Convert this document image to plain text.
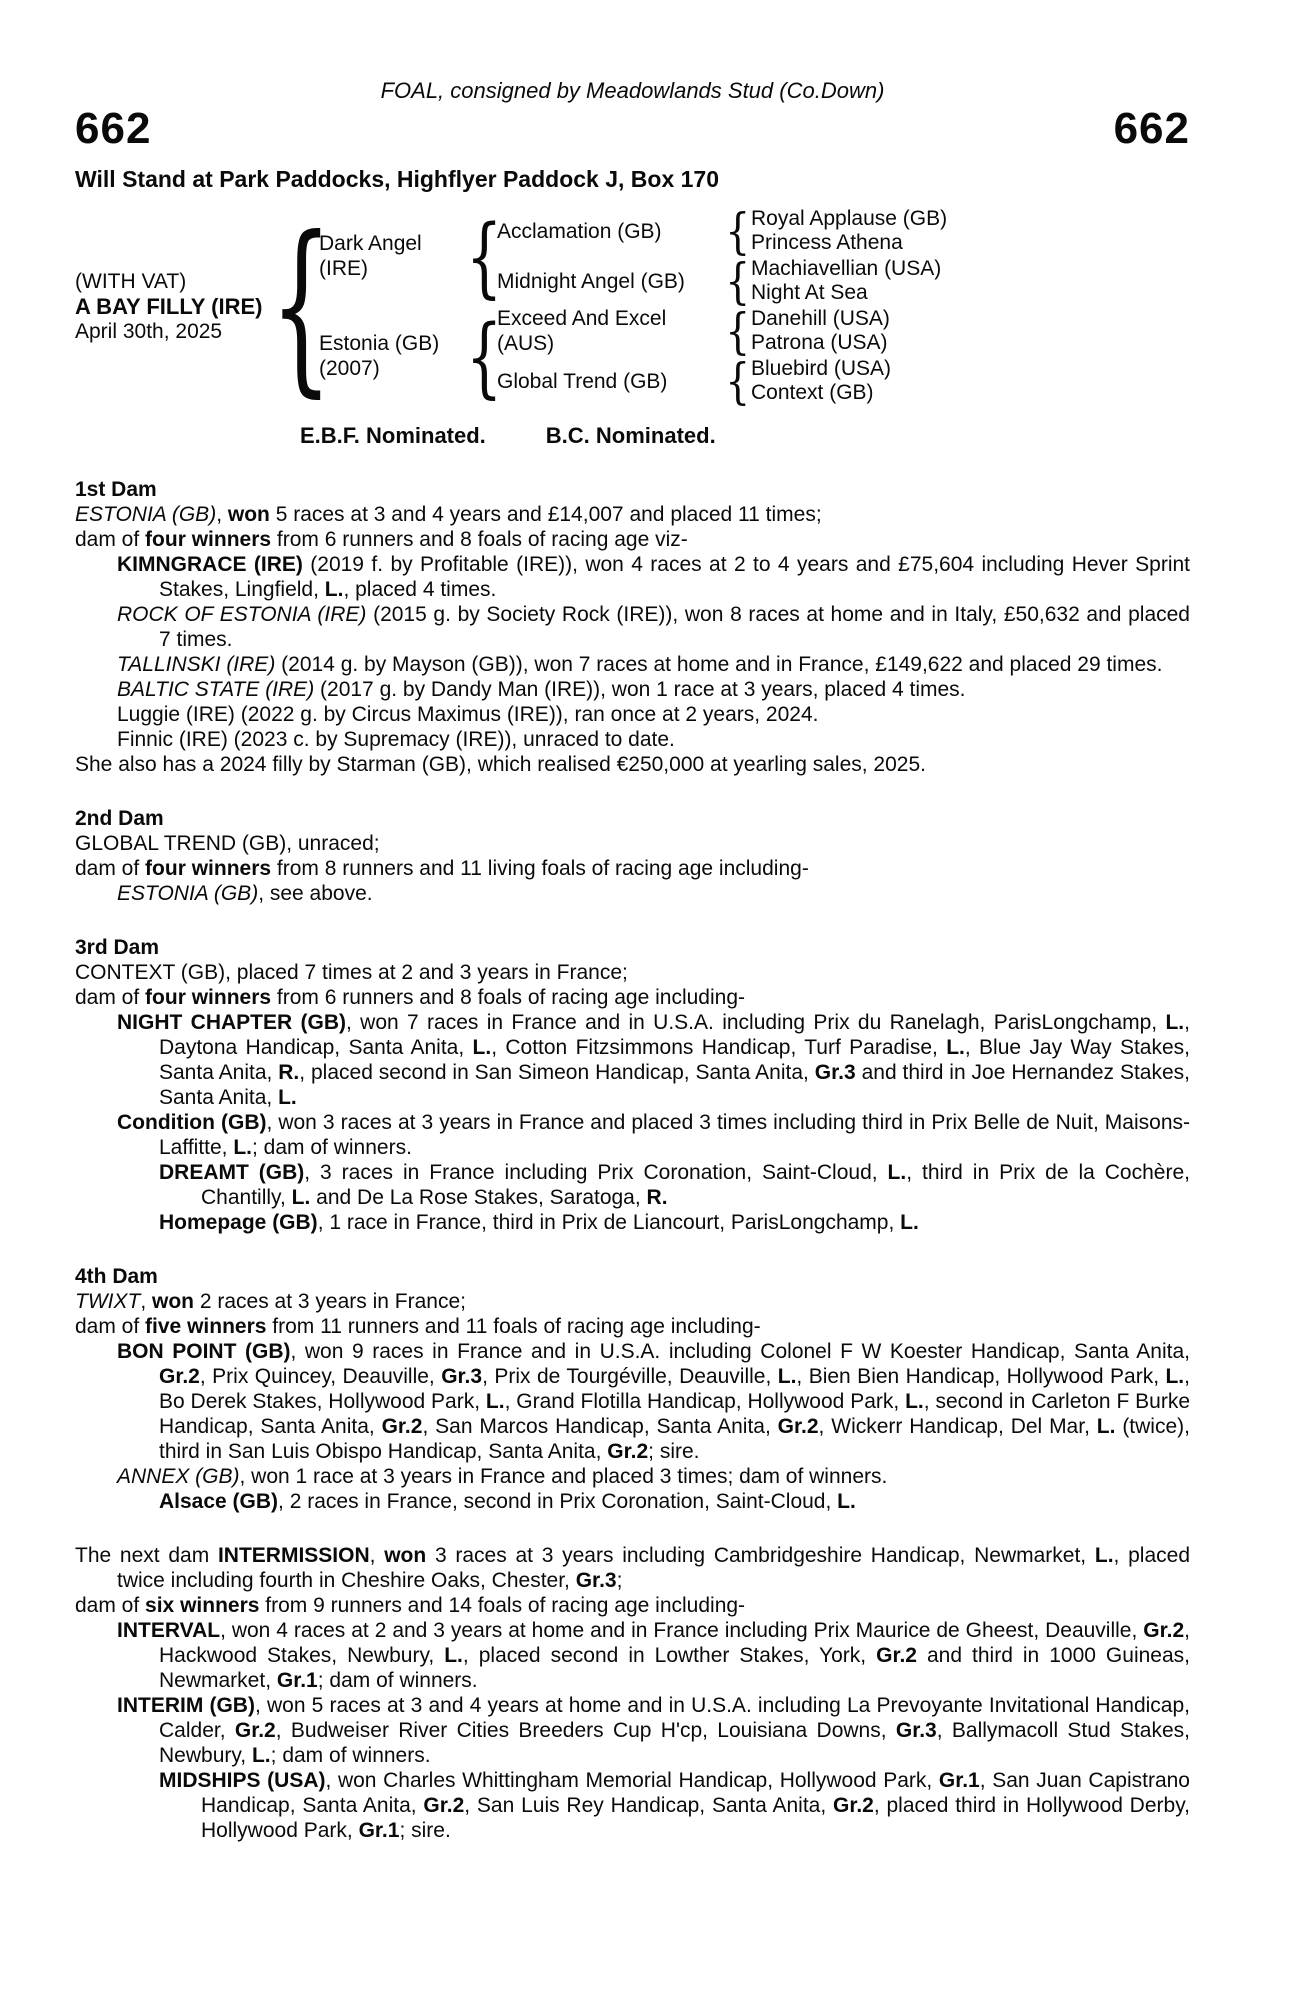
FOAL, consigned by Meadowlands Stud (Co.Down)
662	662
Will Stand at Park Paddocks, Highflyer Paddock J, Box 170
(WITH VAT)
A BAY FILLY (IRE)
April 30th, 2025
{
Dark Angel (IRE)
{
Acclamation (GB)
{
Royal Applause (GB)
Princess Athena
Midnight Angel (GB)
{
Machiavellian (USA)
Night At Sea
Estonia (GB)
(2007)
{
Exceed And Excel (AUS)
{
Danehill (USA)
Patrona (USA)
Global Trend (GB)
{
Bluebird (USA)
Context (GB)
E.B.F. Nominated.	B.C. Nominated.
1st Dam
ESTONIA (GB), won 5 races at 3 and 4 years and £14,007 and placed 11 times;
dam of four winners from 6 runners and 8 foals of racing age viz-
KIMNGRACE (IRE) (2019 f. by Profitable (IRE)), won 4 races at 2 to 4 years and £75,604 including Hever Sprint Stakes, Lingfield, L., placed 4 times.
ROCK OF ESTONIA (IRE) (2015 g. by Society Rock (IRE)), won 8 races at home and in Italy, £50,632 and placed 7 times.
TALLINSKI (IRE) (2014 g. by Mayson (GB)), won 7 races at home and in France, £149,622 and placed 29 times.
BALTIC STATE (IRE) (2017 g. by Dandy Man (IRE)), won 1 race at 3 years, placed 4 times.
Luggie (IRE) (2022 g. by Circus Maximus (IRE)), ran once at 2 years, 2024.
Finnic (IRE) (2023 c. by Supremacy (IRE)), unraced to date.
She also has a 2024 filly by Starman (GB), which realised €250,000 at yearling sales, 2025.
2nd Dam
GLOBAL TREND (GB), unraced;
dam of four winners from 8 runners and 11 living foals of racing age including-
ESTONIA (GB), see above.
3rd Dam
CONTEXT (GB), placed 7 times at 2 and 3 years in France;
dam of four winners from 6 runners and 8 foals of racing age including-
NIGHT CHAPTER (GB), won 7 races in France and in U.S.A. including Prix du Ranelagh, ParisLongchamp, L., Daytona Handicap, Santa Anita, L., Cotton Fitzsimmons Handicap, Turf Paradise, L., Blue Jay Way Stakes, Santa Anita, R., placed second in San Simeon Handicap, Santa Anita, Gr.3 and third in Joe Hernandez Stakes, Santa Anita, L.
Condition (GB), won 3 races at 3 years in France and placed 3 times including third in Prix Belle de Nuit, Maisons-Laffitte, L.; dam of winners.
DREAMT (GB), 3 races in France including Prix Coronation, Saint-Cloud, L., third in Prix de la Cochère, Chantilly, L. and De La Rose Stakes, Saratoga, R.
Homepage (GB), 1 race in France, third in Prix de Liancourt, ParisLongchamp, L.
4th Dam
TWIXT, won 2 races at 3 years in France;
dam of five winners from 11 runners and 11 foals of racing age including-
BON POINT (GB), won 9 races in France and in U.S.A. including Colonel F W Koester Handicap, Santa Anita, Gr.2, Prix Quincey, Deauville, Gr.3, Prix de Tourgéville, Deauville, L., Bien Bien Handicap, Hollywood Park, L., Bo Derek Stakes, Hollywood Park, L., Grand Flotilla Handicap, Hollywood Park, L., second in Carleton F Burke Handicap, Santa Anita, Gr.2, San Marcos Handicap, Santa Anita, Gr.2, Wickerr Handicap, Del Mar, L. (twice), third in San Luis Obispo Handicap, Santa Anita, Gr.2; sire.
ANNEX (GB), won 1 race at 3 years in France and placed 3 times; dam of winners.
Alsace (GB), 2 races in France, second in Prix Coronation, Saint-Cloud, L.
The next dam INTERMISSION, won 3 races at 3 years including Cambridgeshire Handicap, Newmarket, L., placed twice including fourth in Cheshire Oaks, Chester, Gr.3;
dam of six winners from 9 runners and 14 foals of racing age including-
INTERVAL, won 4 races at 2 and 3 years at home and in France including Prix Maurice de Gheest, Deauville, Gr.2, Hackwood Stakes, Newbury, L., placed second in Lowther Stakes, York, Gr.2 and third in 1000 Guineas, Newmarket, Gr.1; dam of winners.
INTERIM (GB), won 5 races at 3 and 4 years at home and in U.S.A. including La Prevoyante Invitational Handicap, Calder, Gr.2, Budweiser River Cities Breeders Cup H'cp, Louisiana Downs, Gr.3, Ballymacoll Stud Stakes, Newbury, L.; dam of winners.
MIDSHIPS (USA), won Charles Whittingham Memorial Handicap, Hollywood Park, Gr.1, San Juan Capistrano Handicap, Santa Anita, Gr.2, San Luis Rey Handicap, Santa Anita, Gr.2, placed third in Hollywood Derby, Hollywood Park, Gr.1; sire.
